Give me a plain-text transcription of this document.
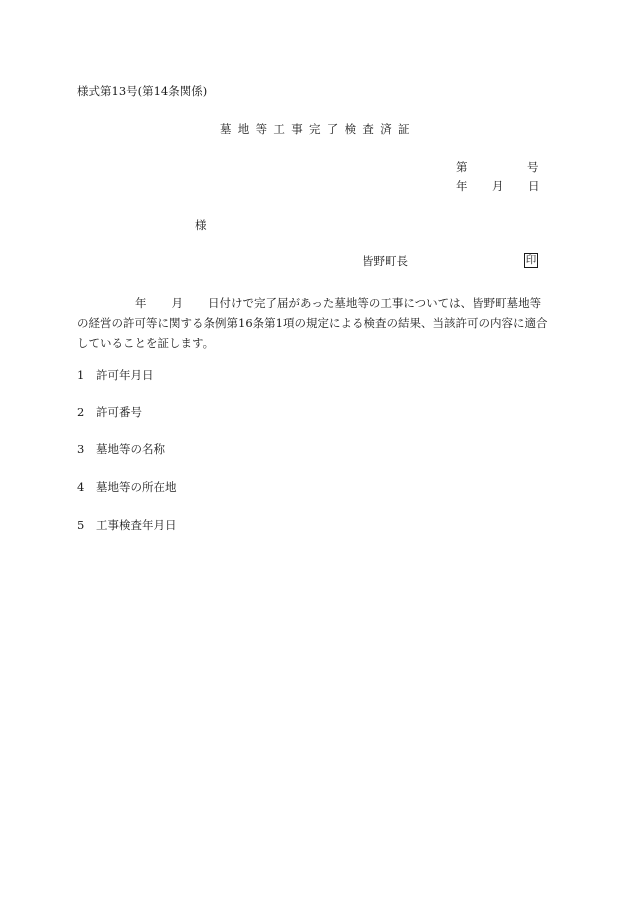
様式第13号(第14条関係)
墓地等工事完了検査済証
第	号
年 月 日
様
皆野町長	印
年 月 日付けで完了届があった墓地等の工事については、皆野町墓地等
の経営の許可等に関する条例第16条第1項の規定による検査の結果、当該許可の内容に適合
していることを証します。
1 許可年月日
2 許可番号
3 墓地等の名称
4 墓地等の所在地
5 工事検査年月日
